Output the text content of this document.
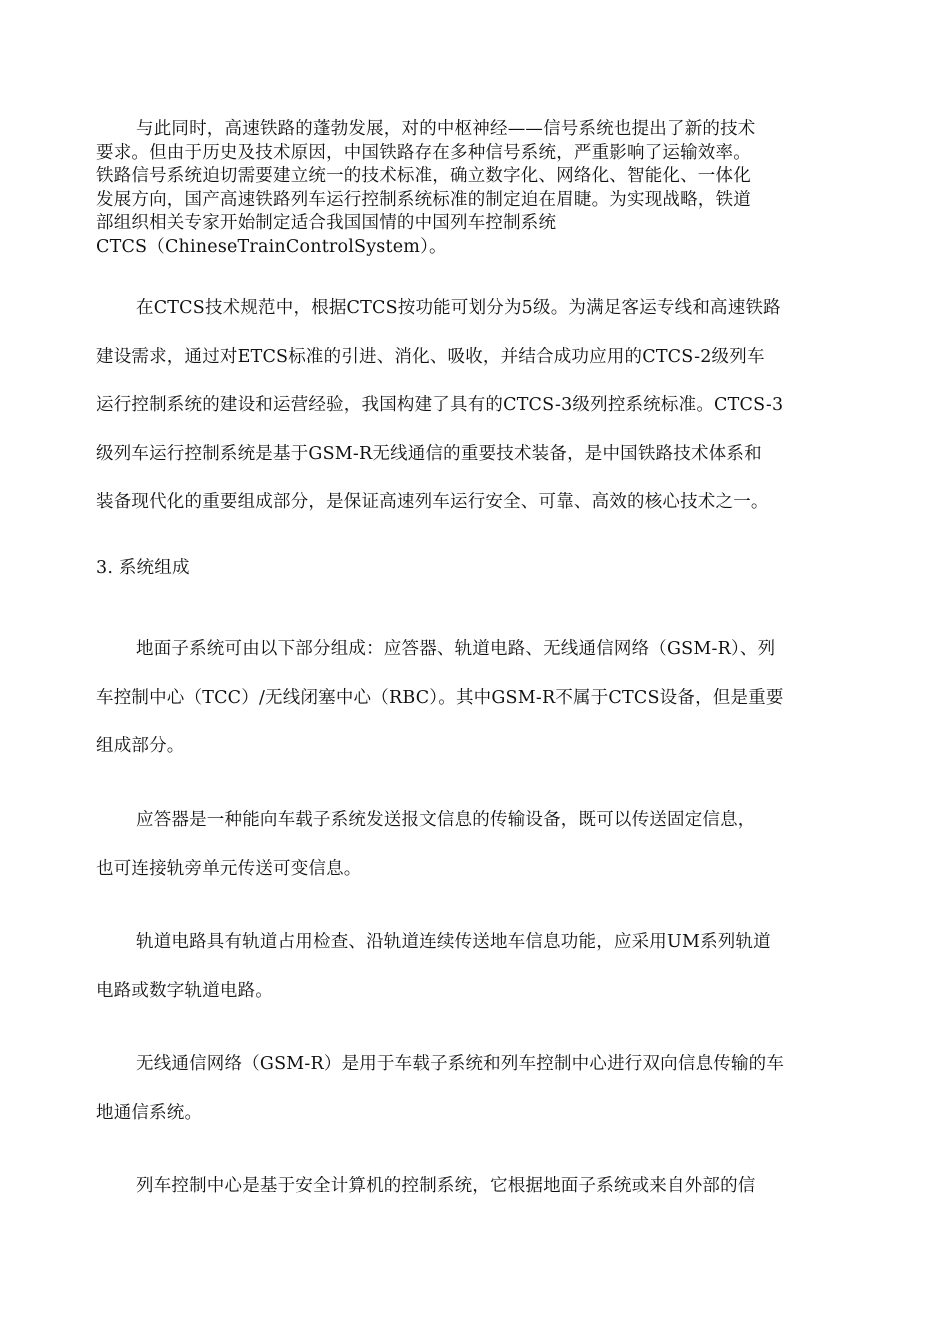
与此同时，高速铁路的蓬勃发展，对的中枢神经——信号系统也提出了新的技术
要求。但由于历史及技术原因，中国铁路存在多种信号系统，严重影响了运输效率。
铁路信号系统迫切需要建立统一的技术标准，确立数字化、网络化、智能化、一体化
发展方向，国产高速铁路列车运行控制系统标准的制定迫在眉睫。为实现战略，铁道
部组织相关专家开始制定适合我国国情的中国列车控制系统
CTCS（ChineseTrainControlSystem）。
在CTCS技术规范中，根据CTCS按功能可划分为5级。为满足客运专线和高速铁路
建设需求，通过对ETCS标准的引进、消化、吸收，并结合成功应用的CTCS-2级列车
运行控制系统的建设和运营经验，我国构建了具有的CTCS-3级列控系统标准。CTCS-3
级列车运行控制系统是基于GSM-R无线通信的重要技术装备，是中国铁路技术体系和
装备现代化的重要组成部分，是保证高速列车运行安全、可靠、高效的核心技术之一。
3. 系统组成
地面子系统可由以下部分组成：应答器、轨道电路、无线通信网络（GSM-R）、列
车控制中心（TCC）/无线闭塞中心（RBC）。其中GSM-R不属于CTCS设备，但是重要
组成部分。
应答器是一种能向车载子系统发送报文信息的传输设备，既可以传送固定信息，
也可连接轨旁单元传送可变信息。
轨道电路具有轨道占用检查、沿轨道连续传送地车信息功能，应采用UM系列轨道
电路或数字轨道电路。
无线通信网络（GSM-R）是用于车载子系统和列车控制中心进行双向信息传输的车
地通信系统。
列车控制中心是基于安全计算机的控制系统，它根据地面子系统或来自外部的信
